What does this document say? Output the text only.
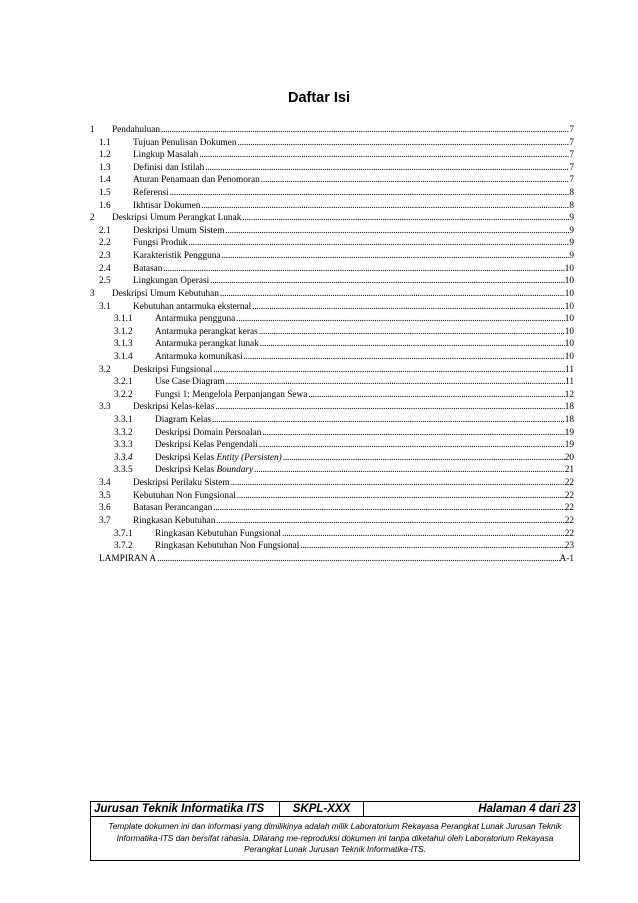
Daftar Isi
1 Pendahuluan .....	7
1.1 Tujuan Penulisan Dokumen .....	7
1.2 Lingkup Masalah .....	7
1.3 Definisi dan Istilah .....	7
1.4 Aturan Penamaan dan Penomoran .....	7
1.5 Referensi .....	8
1.6 Ikhtisar Dokumen .....	8
2 Deskripsi Umum Perangkat Lunak .....	9
2.1 Deskripsi Umum Sistem .....	9
2.2 Fungsi Produk .....	9
2.3 Karakteristik Pengguna .....	9
2.4 Batasan .....	10
2.5 Lingkungan Operasi .....	10
3 Deskripsi Umum Kebutuhan .....	10
3.1 Kebutuhan antarmuka eksternal .....	10
3.1.1 Antarmuka pengguna .....	10
3.1.2 Antarmuka perangkat keras .....	10
3.1.3 Antarmuka perangkat lunak .....	10
3.1.4 Antarmuka komunikasi .....	10
3.2 Deskripsi Fungsional .....	11
3.2.1 Use Case Diagram .....	11
3.2.2 Fungsi 1: Mengelola Perpanjangan Sewa .....	12
3.3 Deskripsi Kelas-kelas .....	18
3.3.1 Diagram Kelas .....	18
3.3.2 Deskripsi Domain Persoalan .....	19
3.3.3 Deskripsi Kelas Pengendali .....	19
3.3.4 Deskripsi Kelas Entity (Persisten) .....	20
3.3.5 Deskripsi Kelas Boundary .....	21
3.4 Deskripsi Perilaku Sistem .....	22
3.5 Kebutuhan Non Fungsional .....	22
3.6 Batasan Perancangan .....	22
3.7 Ringkasan Kebutuhan .....	22
3.7.1 Ringkasan Kebutuhan Fungsional .....	22
3.7.2 Ringkasan Kebutuhan Non Fungsional .....	23
LAMPIRAN A .....	A-1
Jurusan Teknik Informatika ITS	SKPL-XXX	Halaman 4 dari 23
Template dokumen ini dan informasi yang dimilikinya adalah milik Laboratorium Rekayasa Perangkat Lunak Jurusan Teknik Informatika-ITS dan bersifat rahasia. Dilarang me-reproduksi dokumen ini tanpa diketahui oleh Laboratorium Rekayasa Perangkat Lunak Jurusan Teknik Informatika-ITS.
